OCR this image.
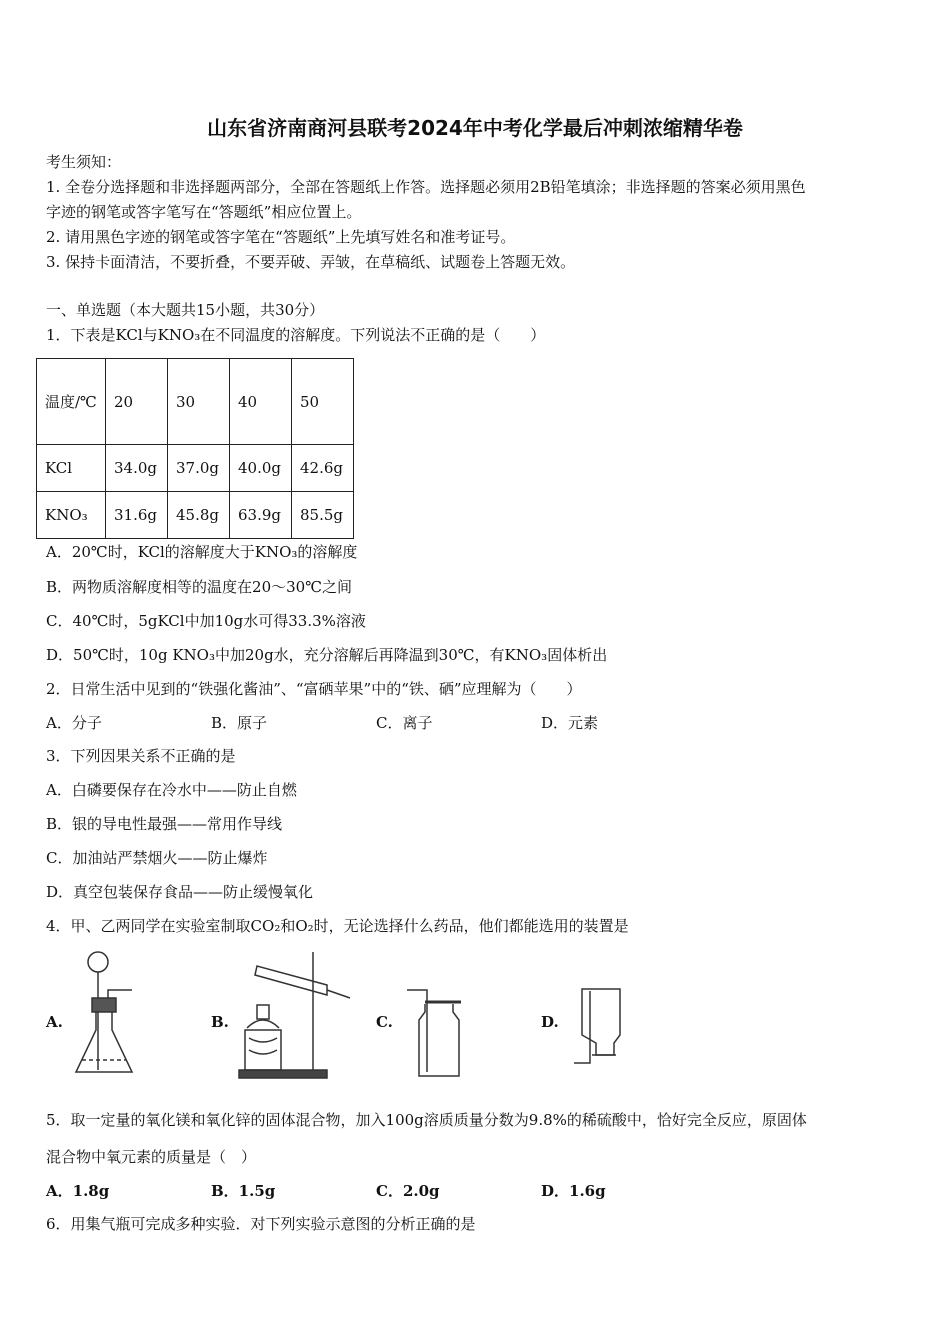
山东省济南商河县联考2024年中考化学最后冲刺浓缩精华卷
考生须知：
1. 全卷分选择题和非选择题两部分，全部在答题纸上作答。选择题必须用2B铅笔填涂；非选择题的答案必须用黑色
字迹的钢笔或答字笔写在“答题纸”相应位置上。
2. 请用黑色字迹的钢笔或答字笔在“答题纸”上先填写姓名和准考证号。
3. 保持卡面清洁，不要折叠，不要弄破、弄皱，在草稿纸、试题卷上答题无效。
一、单选题（本大题共15小题，共30分）
1．下表是KCl与KNO₃在不同温度的溶解度。下列说法不正确的是（　　）
温度/℃	20	30	40	50
KCl	34.0g	37.0g	40.0g	42.6g
KNO₃	31.6g	45.8g	63.9g	85.5g
A．20℃时，KCl的溶解度大于KNO₃的溶解度
B．两物质溶解度相等的温度在20～30℃之间
C．40℃时，5gKCl中加10g水可得33.3%溶液
D．50℃时，10g KNO₃中加20g水，充分溶解后再降温到30℃，有KNO₃固体析出
2．日常生活中见到的“铁强化酱油”、“富硒苹果”中的“铁、硒”应理解为（　　）
A．分子	B．原子	C．离子	D．元素
3．下列因果关系不正确的是
A．白磷要保存在冷水中——防止自燃
B．银的导电性最强——常用作导线
C．加油站严禁烟火——防止爆炸
D．真空包装保存食品——防止缓慢氧化
4．甲、乙两同学在实验室制取CO₂和O₂时，无论选择什么药品，他们都能选用的装置是
A.	B.	C.	D.
5．取一定量的氧化镁和氧化锌的固体混合物，加入100g溶质质量分数为9.8%的稀硫酸中，恰好完全反应，原固体
混合物中氧元素的质量是（　）
A．1.8g	B．1.5g	C．2.0g	D．1.6g
6．用集气瓶可完成多种实验．对下列实验示意图的分析正确的是
